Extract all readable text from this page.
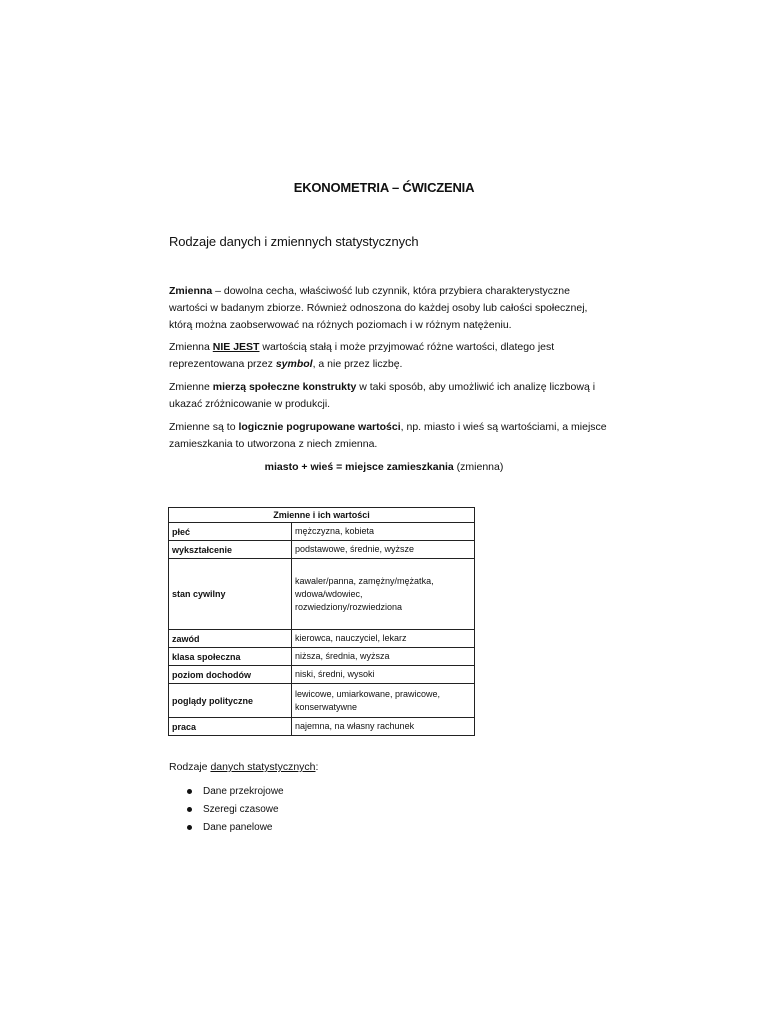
EKONOMETRIA – ĆWICZENIA
Rodzaje danych i zmiennych statystycznych
Zmienna – dowolna cecha, właściwość lub czynnik, która przybiera charakterystyczne wartości w badanym zbiorze. Również odnoszona do każdej osoby lub całości społecznej, którą można zaobserwować na różnych poziomach i w różnym natężeniu.
Zmienna NIE JEST wartością stałą i może przyjmować różne wartości, dlatego jest reprezentowana przez symbol, a nie przez liczbę.
Zmienne mierzą społeczne konstrukty w taki sposób, aby umożliwić ich analizę liczbową i ukazać zróżnicowanie w produkcji.
Zmienne są to logicznie pogrupowane wartości, np. miasto i wieś są wartościami, a miejsce zamieszkania to utworzona z niech zmienna.
miasto + wieś = miejsce zamieszkania (zmienna)
Zmienne i ich wartości	
płeć	mężczyzna, kobieta
wykształcenie	podstawowe, średnie, wyższe
stan cywilny	kawaler/panna, zamężny/mężatka, wdowa/wdowiec, rozwiedziony/rozwiedziona
zawód	kierowca, nauczyciel, lekarz
klasa społeczna	niższa, średnia, wyższa
poziom dochodów	niski, średni, wysoki
poglądy polityczne	lewicowe, umiarkowane, prawicowe, konserwatywne
praca	najemna, na własny rachunek
Rodzaje danych statystycznych:
Dane przekrojowe
Szeregi czasowe
Dane panelowe
